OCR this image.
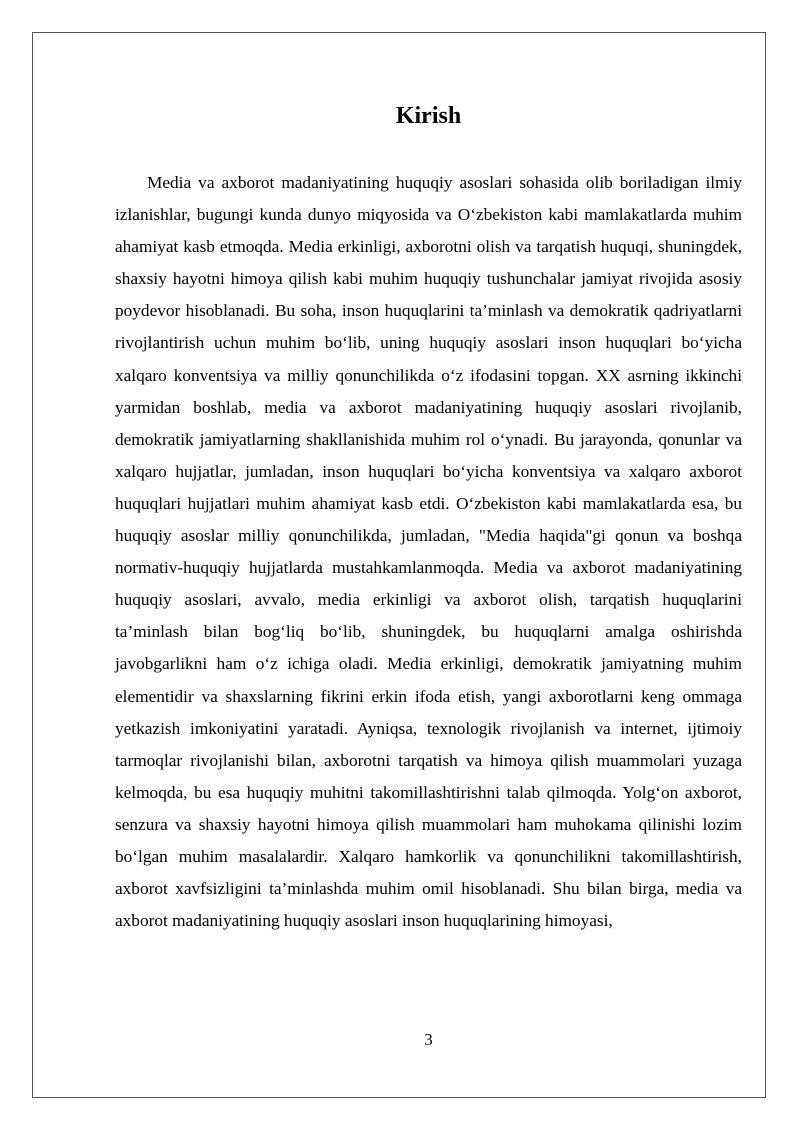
Kirish

Media va axborot madaniyatining huquqiy asoslari sohasida olib boriladigan ilmiy izlanishlar, bugungi kunda dunyo miqyosida va O‘zbekiston kabi mamlakatlarda muhim ahamiyat kasb etmoqda. Media erkinligi, axborotni olish va tarqatish huquqi, shuningdek, shaxsiy hayotni himoya qilish kabi muhim huquqiy tushunchalar jamiyat rivojida asosiy poydevor hisoblanadi. Bu soha, inson huquqlarini ta’minlash va demokratik qadriyatlarni rivojlantirish uchun muhim bo‘lib, uning huquqiy asoslari inson huquqlari bo‘yicha xalqaro konventsiya va milliy qonunchilikda o‘z ifodasini topgan. XX asrning ikkinchi yarmidan boshlab, media va axborot madaniyatining huquqiy asoslari rivojlanib, demokratik jamiyatlarning shakllanishida muhim rol o‘ynadi. Bu jarayonda, qonunlar va xalqaro hujjatlar, jumladan, inson huquqlari bo‘yicha konventsiya va xalqaro axborot huquqlari hujjatlari muhim ahamiyat kasb etdi. O‘zbekiston kabi mamlakatlarda esa, bu huquqiy asoslar milliy qonunchilikda, jumladan, "Media haqida"gi qonun va boshqa normativ-huquqiy hujjatlarda mustahkamlanmoqda. Media va axborot madaniyatining huquqiy asoslari, avvalo, media erkinligi va axborot olish, tarqatish huquqlarini ta’minlash bilan bog‘liq bo‘lib, shuningdek, bu huquqlarni amalga oshirishda javobgarlikni ham o‘z ichiga oladi. Media erkinligi, demokratik jamiyatning muhim elementidir va shaxslarning fikrini erkin ifoda etish, yangi axborotlarni keng ommaga yetkazish imkoniyatini yaratadi. Ayniqsa, texnologik rivojlanish va internet, ijtimoiy tarmoqlar rivojlanishi bilan, axborotni tarqatish va himoya qilish muammolari yuzaga kelmoqda, bu esa huquqiy muhitni takomillashtirishni talab qilmoqda. Yolg‘on axborot, senzura va shaxsiy hayotni himoya qilish muammolari ham muhokama qilinishi lozim bo‘lgan muhim masalalardir. Xalqaro hamkorlik va qonunchilikni takomillashtirish, axborot xavfsizligini ta’minlashda muhim omil hisoblanadi. Shu bilan birga, media va axborot madaniyatining huquqiy asoslari inson huquqlarining himoyasi,

3
